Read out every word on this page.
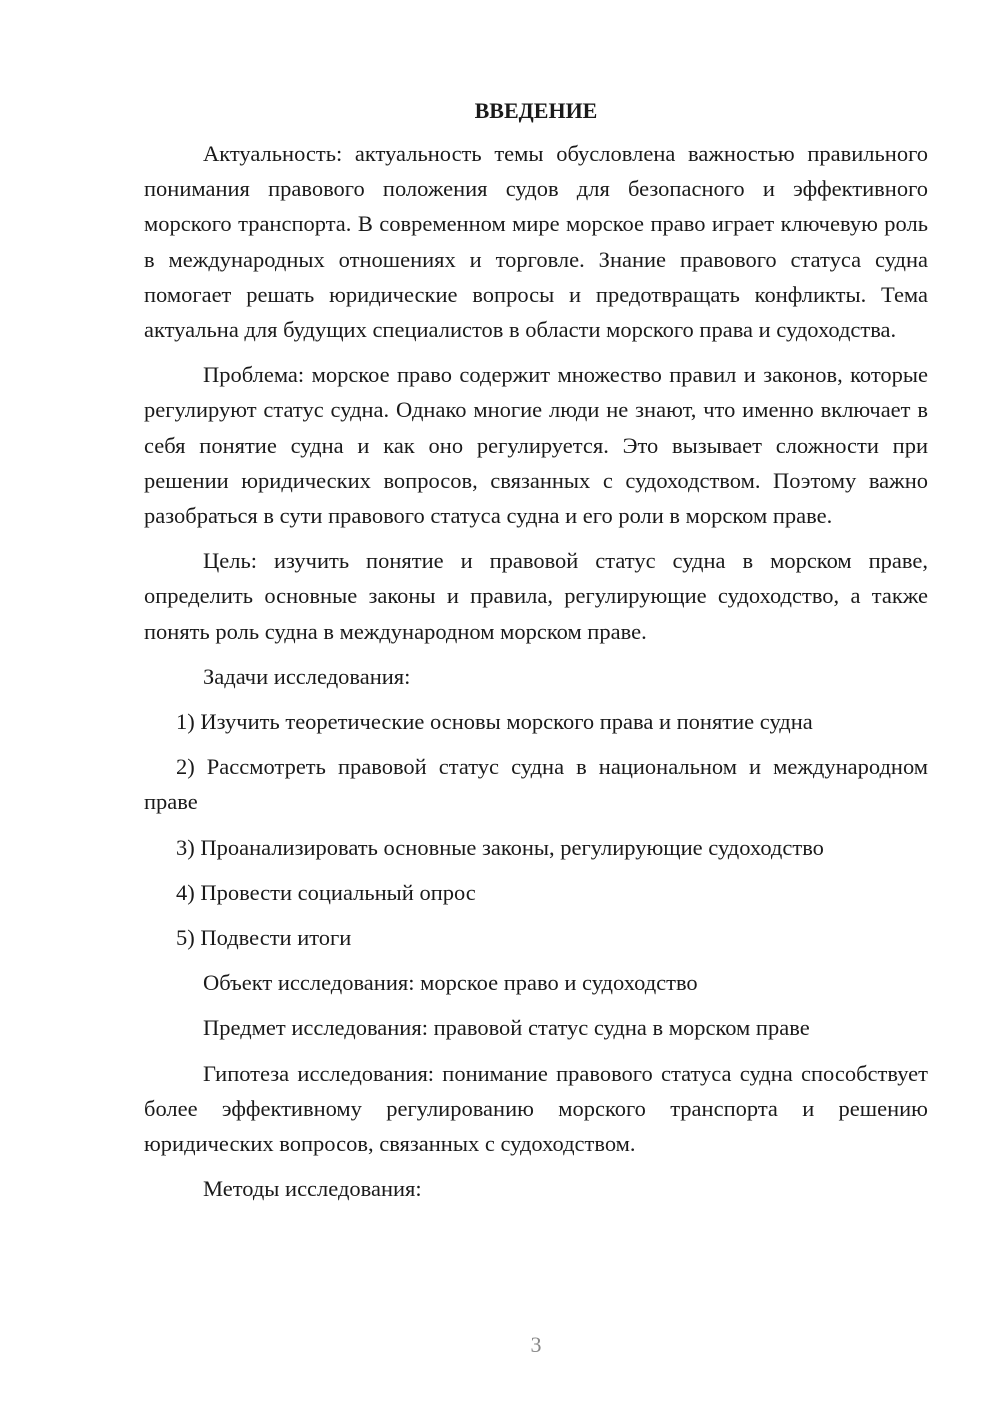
ВВЕДЕНИЕ

Актуальность: актуальность темы обусловлена важностью правильного понимания правового положения судов для безопасного и эффективного морского транспорта. В современном мире морское право играет ключевую роль в международных отношениях и торговле. Знание правового статуса судна помогает решать юридические вопросы и предотвращать конфликты. Тема актуальна для будущих специалистов в области морского права и судоходства.

Проблема: морское право содержит множество правил и законов, которые регулируют статус судна. Однако многие люди не знают, что именно включает в себя понятие судна и как оно регулируется. Это вызывает сложности при решении юридических вопросов, связанных с судоходством. Поэтому важно разобраться в сути правового статуса судна и его роли в морском праве.

Цель: изучить понятие и правовой статус судна в морском праве, определить основные законы и правила, регулирующие судоходство, а также понять роль судна в международном морском праве.

Задачи исследования:

1) Изучить теоретические основы морского права и понятие судна

2) Рассмотреть правовой статус судна в национальном и международном праве

3) Проанализировать основные законы, регулирующие судоходство

4) Провести социальный опрос

5) Подвести итоги

Объект исследования: морское право и судоходство

Предмет исследования: правовой статус судна в морском праве

Гипотеза исследования: понимание правового статуса судна способствует более эффективному регулированию морского транспорта и решению юридических вопросов, связанных с судоходством.

Методы исследования:

3
